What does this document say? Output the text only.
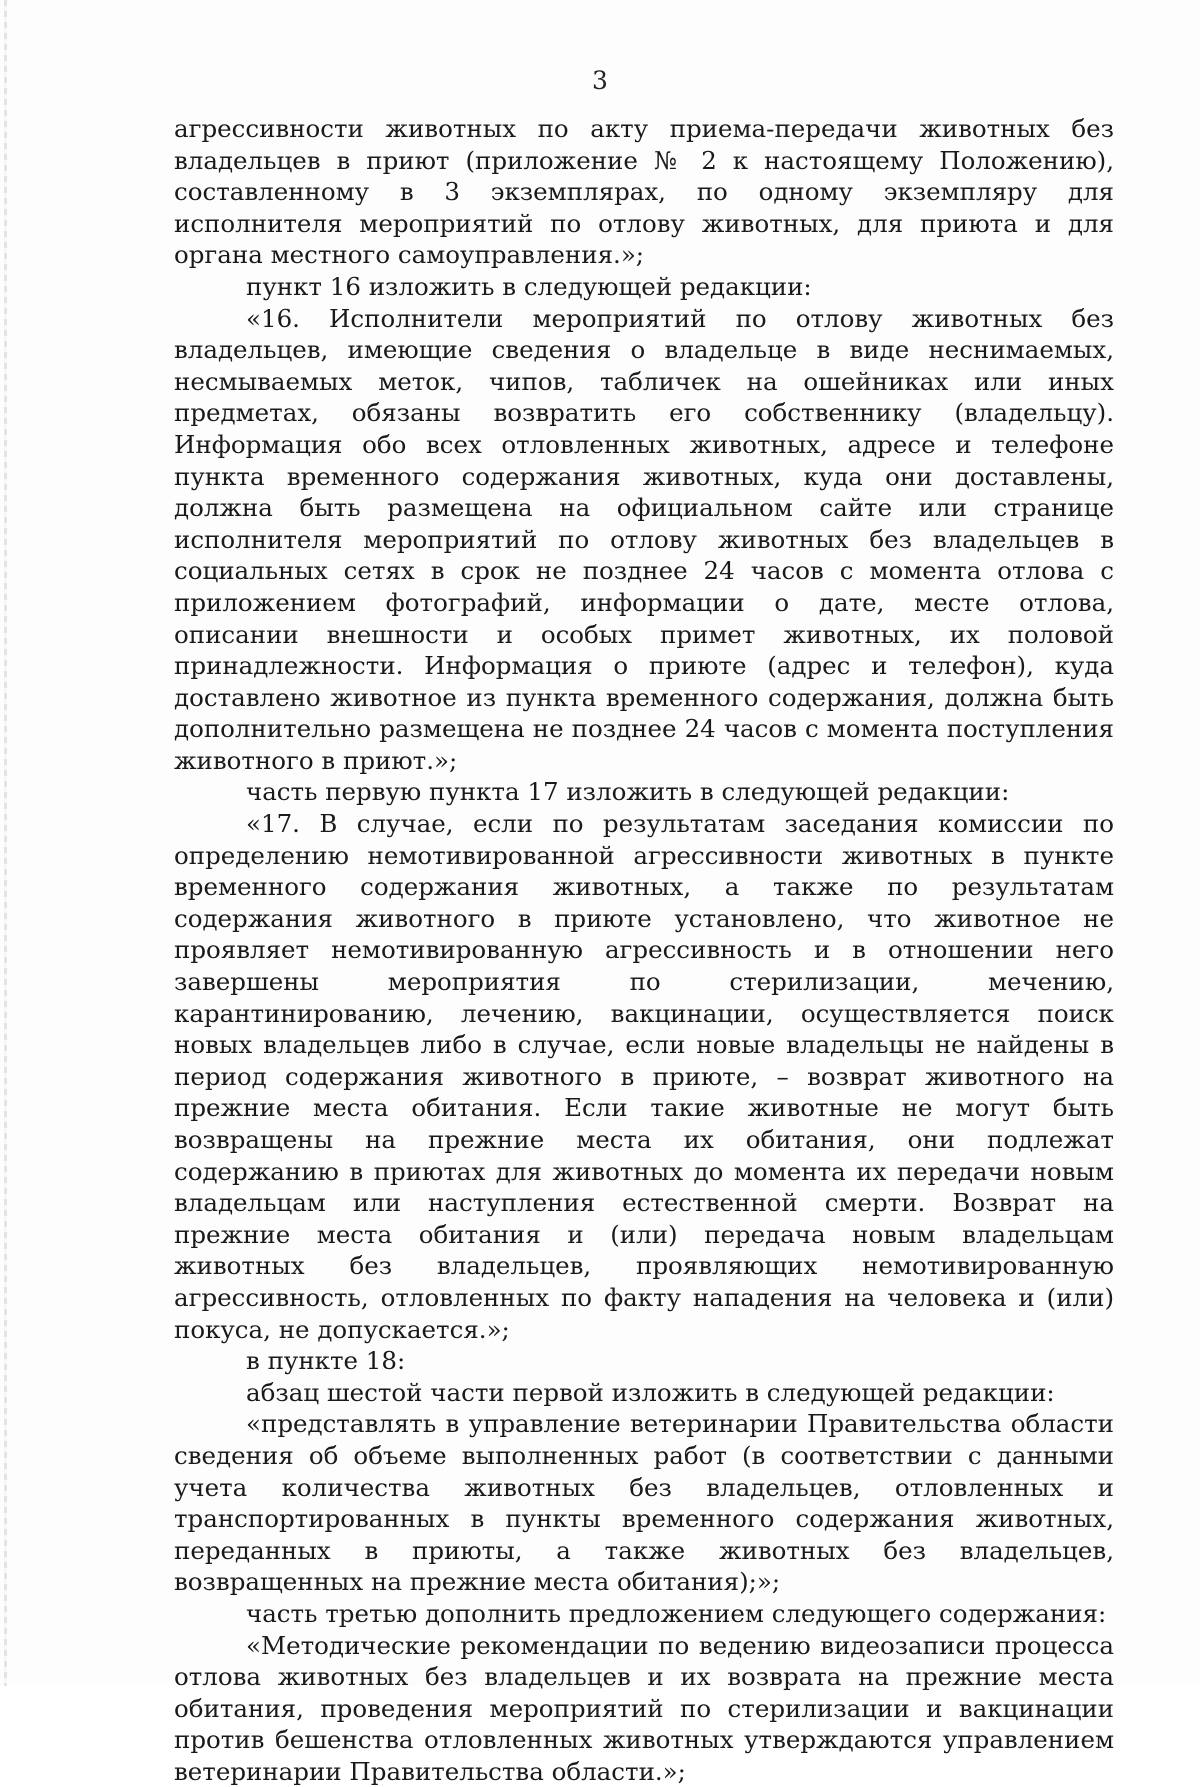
3

агрессивности животных по акту приема-передачи животных без владельцев в приют (приложение № 2 к настоящему Положению), составленному в 3 экземплярах, по одному экземпляру для исполнителя мероприятий по отлову животных, для приюта и для органа местного самоуправления.»;

пункт 16 изложить в следующей редакции:

«16. Исполнители мероприятий по отлову животных без владельцев, имеющие сведения о владельце в виде неснимаемых, несмываемых меток, чипов, табличек на ошейниках или иных предметах, обязаны возвратить его собственнику (владельцу). Информация обо всех отловленных животных, адресе и телефоне пункта временного содержания животных, куда они доставлены, должна быть размещена на официальном сайте или странице исполнителя мероприятий по отлову животных без владельцев в социальных сетях в срок не позднее 24 часов с момента отлова с приложением фотографий, информации о дате, месте отлова, описании внешности и особых примет животных, их половой принадлежности. Информация о приюте (адрес и телефон), куда доставлено животное из пункта временного содержания, должна быть дополнительно размещена не позднее 24 часов с момента поступления животного в приют.»;

часть первую пункта 17 изложить в следующей редакции:

«17. В случае, если по результатам заседания комиссии по определению немотивированной агрессивности животных в пункте временного содержания животных, а также по результатам содержания животного в приюте установлено, что животное не проявляет немотивированную агрессивность и в отношении него завершены мероприятия по стерилизации, мечению, карантинированию, лечению, вакцинации, осуществляется поиск новых владельцев либо в случае, если новые владельцы не найдены в период содержания животного в приюте, – возврат животного на прежние места обитания. Если такие животные не могут быть возвращены на прежние места их обитания, они подлежат содержанию в приютах для животных до момента их передачи новым владельцам или наступления естественной смерти. Возврат на прежние места обитания и (или) передача новым владельцам животных без владельцев, проявляющих немотивированную агрессивность, отловленных по факту нападения на человека и (или) покуса, не допускается.»;

в пункте 18:

абзац шестой части первой изложить в следующей редакции:

«представлять в управление ветеринарии Правительства области сведения об объеме выполненных работ (в соответствии с данными учета количества животных без владельцев, отловленных и транспортированных в пункты временного содержания животных, переданных в приюты, а также животных без владельцев, возвращенных на прежние места обитания);»;

часть третью дополнить предложением следующего содержания:

«Методические рекомендации по ведению видеозаписи процесса отлова животных без владельцев и их возврата на прежние места обитания, проведения мероприятий по стерилизации и вакцинации против бешенства отловленных животных утверждаются управлением ветеринарии Правительства области.»;
